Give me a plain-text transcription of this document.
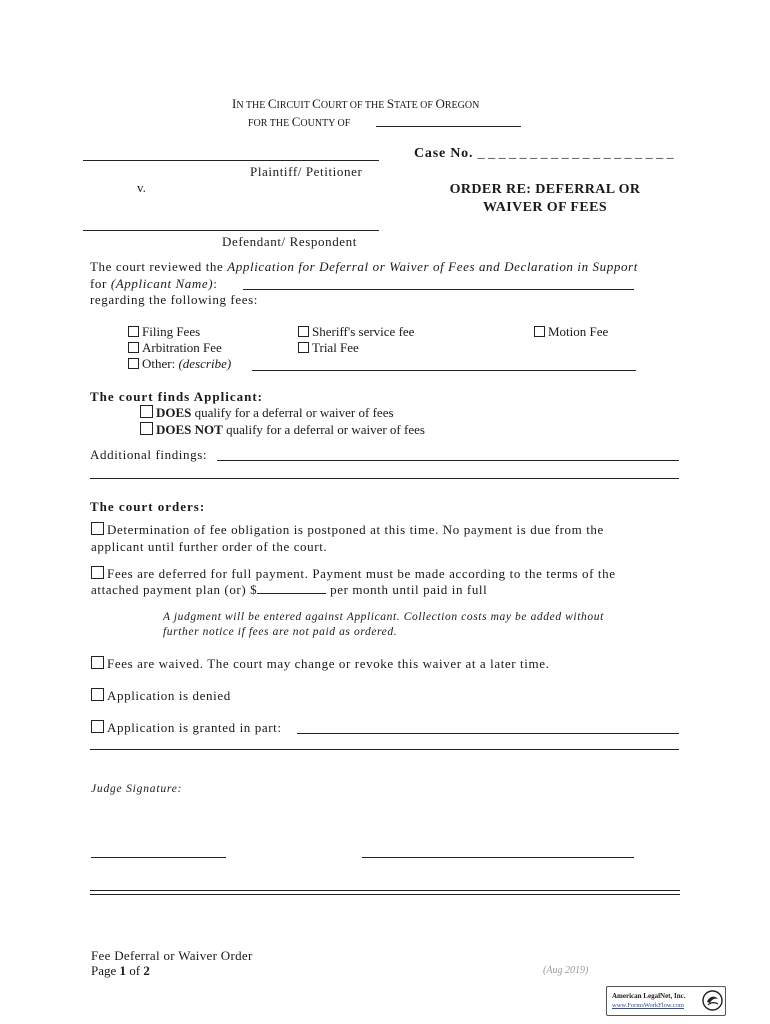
IN THE CIRCUIT COURT OF THE STATE OF OREGON
FOR THE COUNTY OF
Plaintiff/ Petitioner
v.
Defendant/ Respondent
Case No. _ _ _ _ _ _ _ _ _ _ _ _ _ _ _ _ _ _ _
ORDER RE: DEFERRAL OR
WAIVER OF FEES
The court reviewed the Application for Deferral or Waiver of Fees and Declaration in Support
for (Applicant Name):
regarding the following fees:
Filing Fees
Arbitration Fee
Other: (describe)
Sheriff's service fee
Trial Fee
Motion Fee
The court finds Applicant:
DOES qualify for a deferral or waiver of fees
DOES NOT qualify for a deferral or waiver of fees
Additional findings:
The court orders:
Determination of fee obligation is postponed at this time. No payment is due from the
applicant until further order of the court.
Fees are deferred for full payment. Payment must be made according to the terms of the
attached payment plan (or) $	per month until paid in full
A judgment will be entered against Applicant. Collection costs may be added without
further notice if fees are not paid as ordered.
Fees are waived. The court may change or revoke this waiver at a later time.
Application is denied
Application is granted in part:
Judge Signature:
Fee Deferral or Waiver Order
Page 1 of 2	(Aug 2019)
American LegalNet, Inc.
www.FormsWorkFlow.com
